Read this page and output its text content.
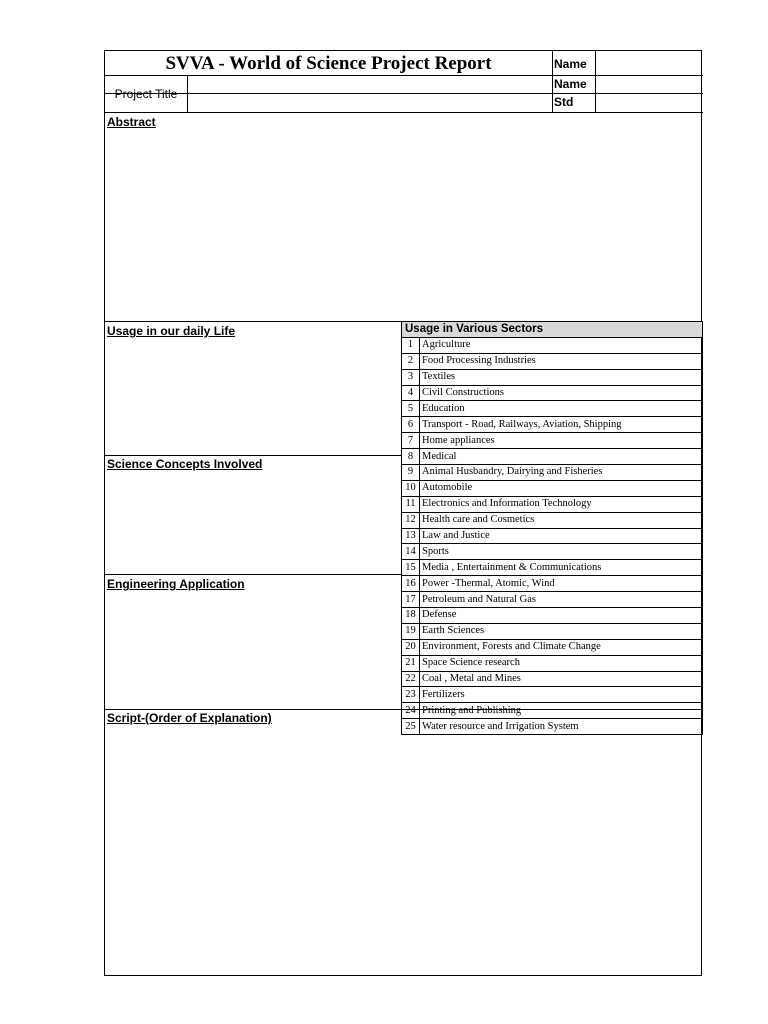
SVVA - World of Science Project Report	Name
Name
Std
Project Title
Abstract
Usage in our daily Life
Science Concepts Involved
Engineering Application
Usage in Various Sectors	
1	Agriculture
2	Food Processing Industries
3	Textiles
4	Civil Constructions
5	Education
6	Transport - Road, Railways, Aviation, Shipping
7	Home appliances
8	Medical
9	Animal Husbandry, Dairying and Fisheries
10	Automobile
11	Electronics and Information Technology
12	Health care and Cosmetics
13	Law and Justice
14	Sports
15	Media , Entertainment & Communications
16	Power -Thermal, Atomic, Wind
17	Petroleum and Natural Gas
18	Defense
19	Earth Sciences
20	Environment, Forests and Climate Change
21	Space Science research
22	Coal , Metal and Mines
23	Fertilizers
24	Printing and Publishing
25	Water resource and Irrigation System
Script-(Order of Explanation)
